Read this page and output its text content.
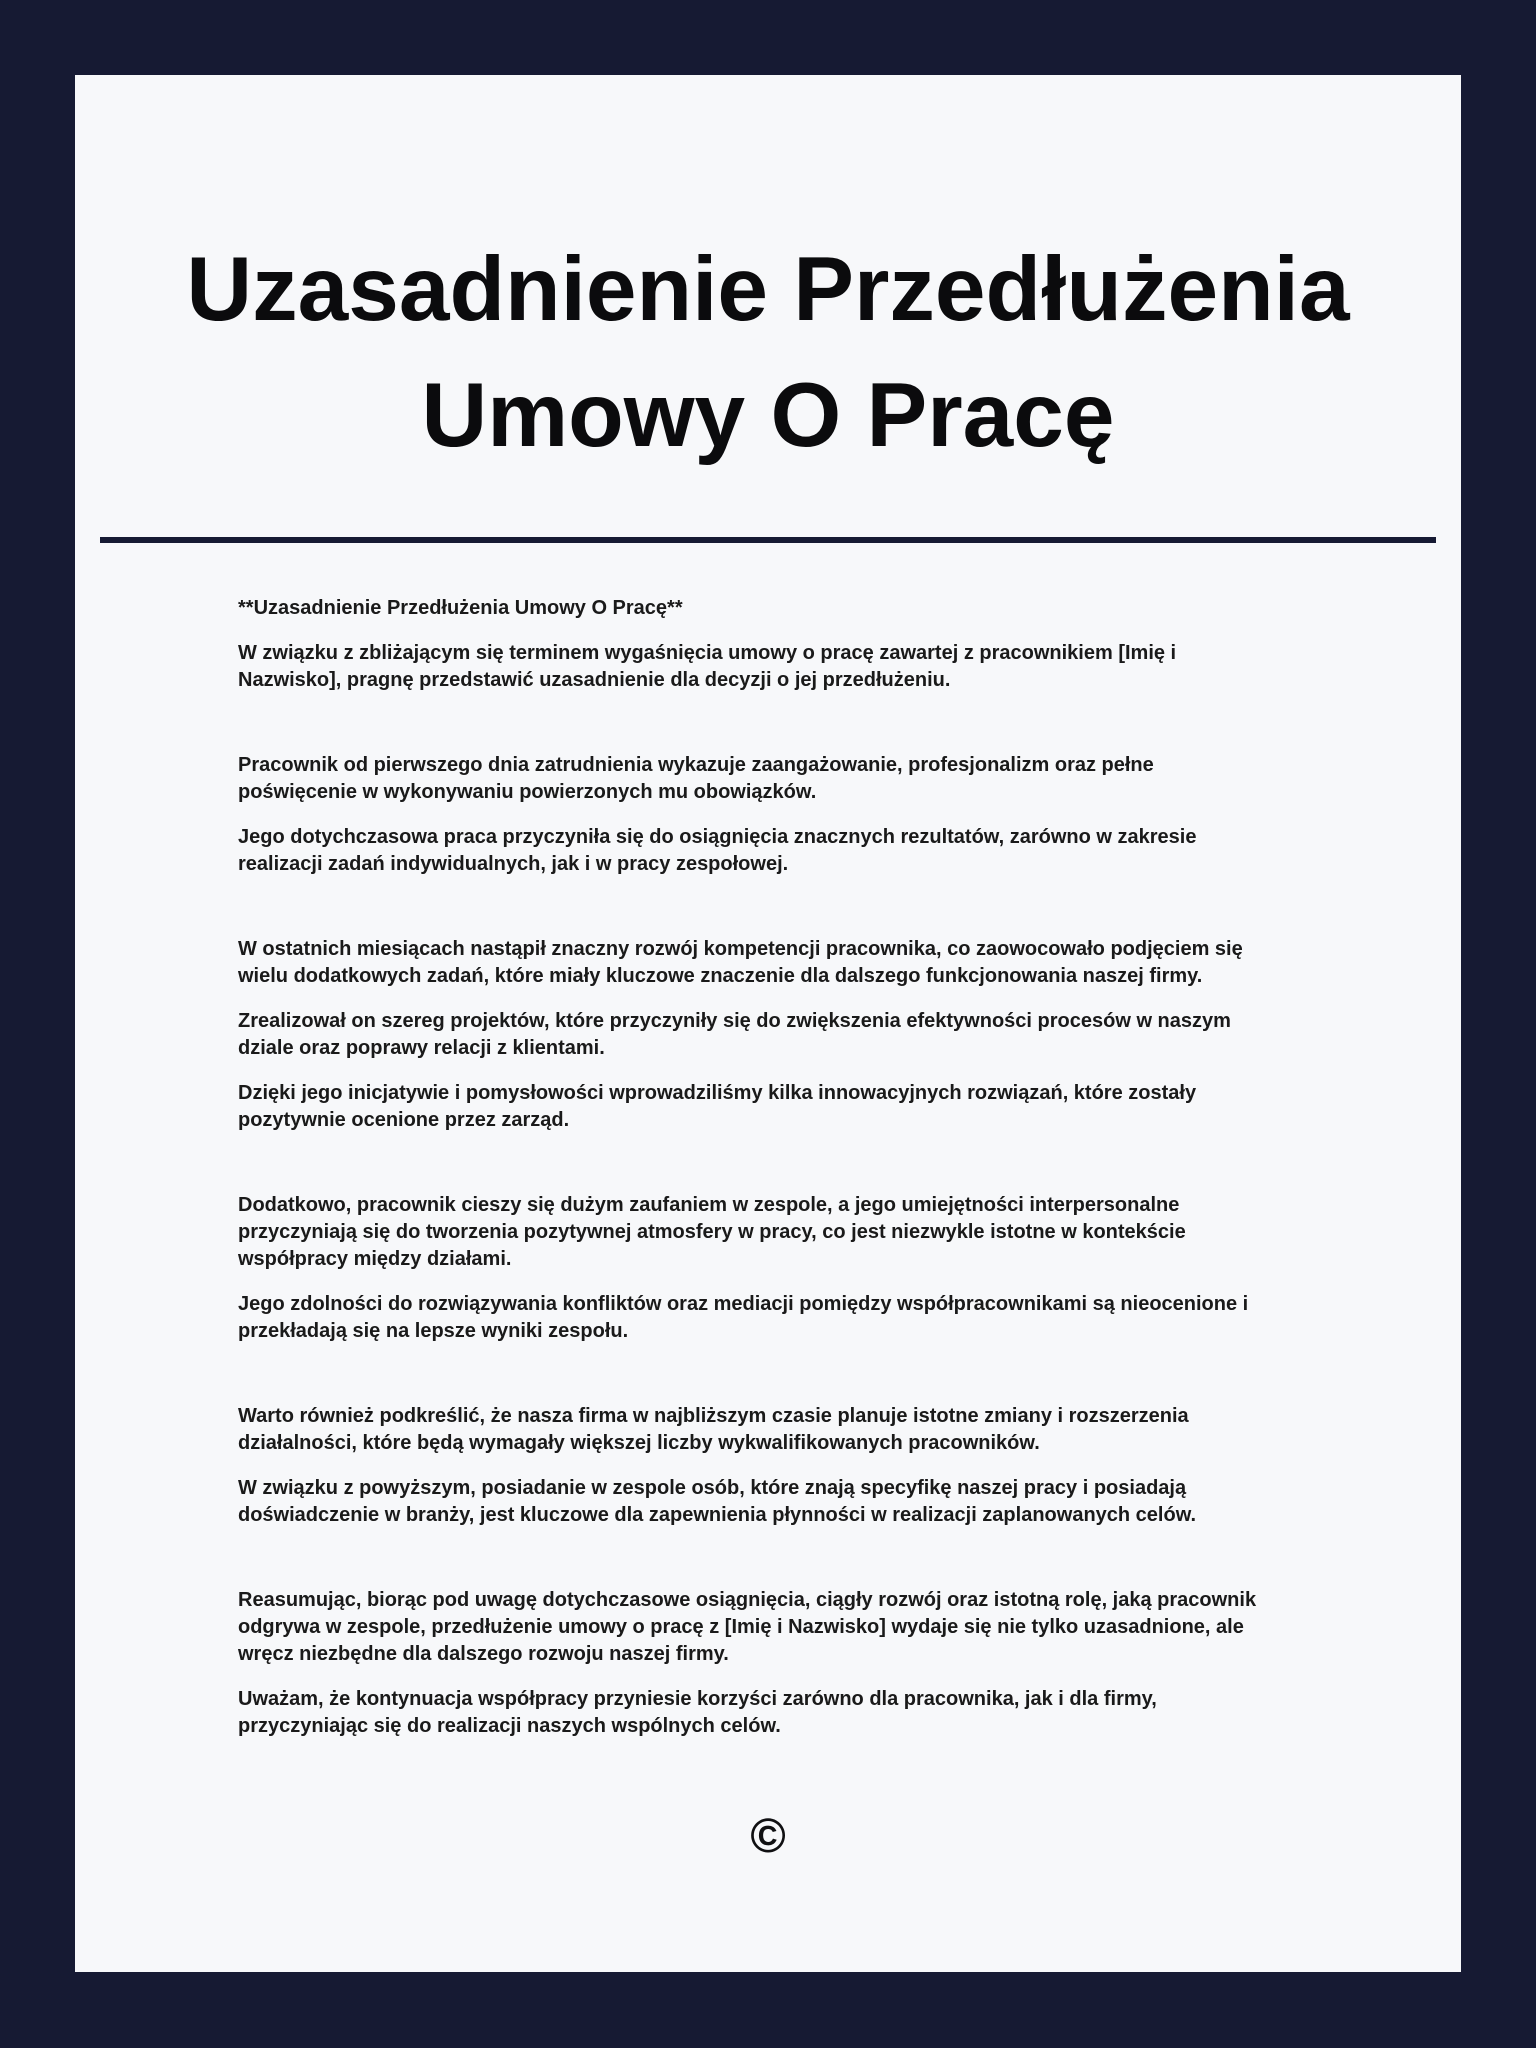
Uzasadnienie Przedłużenia Umowy O Pracę

**Uzasadnienie Przedłużenia Umowy O Pracę**

W związku z zbliżającym się terminem wygaśnięcia umowy o pracę zawartej z pracownikiem [Imię i Nazwisko], pragnę przedstawić uzasadnienie dla decyzji o jej przedłużeniu.

Pracownik od pierwszego dnia zatrudnienia wykazuje zaangażowanie, profesjonalizm oraz pełne poświęcenie w wykonywaniu powierzonych mu obowiązków.

Jego dotychczasowa praca przyczyniła się do osiągnięcia znacznych rezultatów, zarówno w zakresie realizacji zadań indywidualnych, jak i w pracy zespołowej.

W ostatnich miesiącach nastąpił znaczny rozwój kompetencji pracownika, co zaowocowało podjęciem się wielu dodatkowych zadań, które miały kluczowe znaczenie dla dalszego funkcjonowania naszej firmy.

Zrealizował on szereg projektów, które przyczyniły się do zwiększenia efektywności procesów w naszym dziale oraz poprawy relacji z klientami.

Dzięki jego inicjatywie i pomysłowości wprowadziliśmy kilka innowacyjnych rozwiązań, które zostały pozytywnie ocenione przez zarząd.

Dodatkowo, pracownik cieszy się dużym zaufaniem w zespole, a jego umiejętności interpersonalne przyczyniają się do tworzenia pozytywnej atmosfery w pracy, co jest niezwykle istotne w kontekście współpracy między działami.

Jego zdolności do rozwiązywania konfliktów oraz mediacji pomiędzy współpracownikami są nieocenione i przekładają się na lepsze wyniki zespołu.

Warto również podkreślić, że nasza firma w najbliższym czasie planuje istotne zmiany i rozszerzenia działalności, które będą wymagały większej liczby wykwalifikowanych pracowników.

W związku z powyższym, posiadanie w zespole osób, które znają specyfikę naszej pracy i posiadają doświadczenie w branży, jest kluczowe dla zapewnienia płynności w realizacji zaplanowanych celów.

Reasumując, biorąc pod uwagę dotychczasowe osiągnięcia, ciągły rozwój oraz istotną rolę, jaką pracownik odgrywa w zespole, przedłużenie umowy o pracę z [Imię i Nazwisko] wydaje się nie tylko uzasadnione, ale wręcz niezbędne dla dalszego rozwoju naszej firmy.

Uważam, że kontynuacja współpracy przyniesie korzyści zarówno dla pracownika, jak i dla firmy, przyczyniając się do realizacji naszych wspólnych celów.

©
